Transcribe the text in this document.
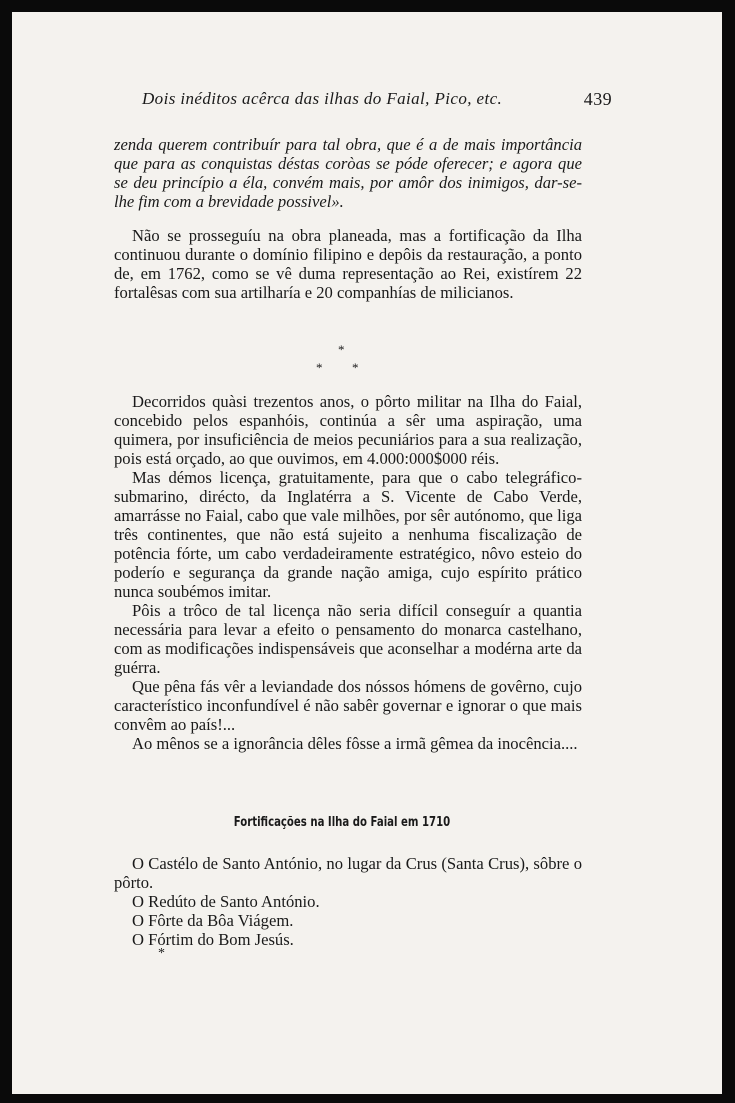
Dois inéditos acêrca das ilhas do Faial, Pico, etc.	439

zenda querem contribuír para tal obra, que é a de mais importância que para as conquistas déstas coròas se póde oferecer; e agora que se deu princípio a éla, convém mais, por amôr dos inimigos, dar-se-lhe fim com a brevidade possivel».

Não se prosseguíu na obra planeada, mas a fortificação da Ilha continuou durante o domínio filipino e depôis da restauração, a ponto de, em 1762, como se vê duma representação ao Rei, existírem 22 fortalêsas com sua artilharía e 20 companhías de milicianos.

*
* *

Decorridos quàsi trezentos anos, o pôrto militar na Ilha do Faial, concebido pelos espanhóis, continúa a sêr uma aspiração, uma quimera, por insuficiência de meios pecuniários para a sua realização, pois está orçado, ao que ouvimos, em 4.000:000$000 réis.

Mas démos licença, gratuitamente, para que o cabo telegráfico-submarino, dirécto, da Inglatérra a S. Vicente de Cabo Verde, amarrásse no Faial, cabo que vale milhões, por sêr autónomo, que liga três continentes, que não está sujeito a nenhuma fiscalização de potência fórte, um cabo verdadeiramente estratégico, nôvo esteio do poderío e segurança da grande nação amiga, cujo espírito prático nunca soubémos imitar.

Pôis a trôco de tal licença não seria difícil conseguír a quantia necessária para levar a efeito o pensamento do monarca castelhano, com as modificações indispensáveis que aconselhar a modérna arte da guérra.

Que pêna fás vêr a leviandade dos nóssos hómens de govêrno, cujo característico inconfundível é não sabêr governar e ignorar o que mais convêm ao país!...

Ao mênos se a ignorância dêles fôsse a irmã gêmea da inocência....

Fortificações na Ilha do Faial em 1710

O Castélo de Santo António, no lugar da Crus (Santa Crus), sôbre o pôrto.

O Redúto de Santo António.

O Fôrte da Bôa Viágem.

O Fórtim do Bom Jesús.

*
